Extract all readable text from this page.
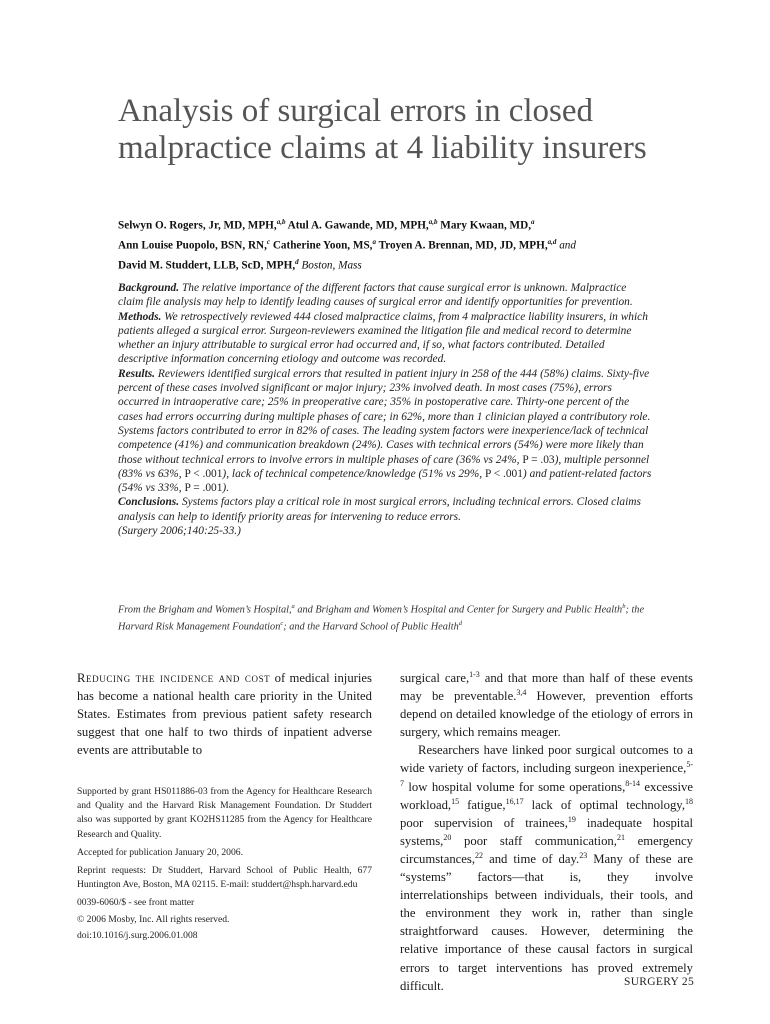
Analysis of surgical errors in closed malpractice claims at 4 liability insurers
Selwyn O. Rogers, Jr, MD, MPH,$^{a,b}$ Atul A. Gawande, MD, MPH,$^{a,b}$ Mary Kwaan, MD,$^a$
Ann Louise Puopolo, BSN, RN,$^c$ Catherine Yoon, MS,$^a$ Troyen A. Brennan, MD, JD, MPH,$^{a,d}$ and
David M. Studdert, LLB, ScD, MPH,$^d$ Boston, Mass

Background. The relative importance of the different factors that cause surgical error is unknown. Malpractice claim file analysis may help to identify leading causes of surgical error and identify opportunities for prevention.

Methods. We retrospectively reviewed 444 closed malpractice claims, from 4 malpractice liability insurers, in which patients alleged a surgical error. Surgeon-reviewers examined the litigation file and medical record to determine whether an injury attributable to surgical error had occurred and, if so, what factors contributed. Detailed descriptive information concerning etiology and outcome was recorded.

Results. Reviewers identified surgical errors that resulted in patient injury in 258 of the 444 (58%) claims. Sixty-five percent of these cases involved significant or major injury; 23% involved death. In most cases (75%), errors occurred in intraoperative care; 25% in preoperative care; 35% in postoperative care. Thirty-one percent of the cases had errors occurring during multiple phases of care; in 62%, more than 1 clinician played a contributory role. Systems factors contributed to error in 82% of cases. The leading system factors were inexperience/lack of technical competence (41%) and communication breakdown (24%). Cases with technical errors (54%) were more likely than those without technical errors to involve errors in multiple phases of care (36% vs 24%, P = .03), multiple personnel (83% vs 63%, P < .001), lack of technical competence/knowledge (51% vs 29%, P < .001) and patient-related factors (54% vs 33%, P = .001).

Conclusions. Systems factors play a critical role in most surgical errors, including technical errors. Closed claims analysis can help to identify priority areas for intervening to reduce errors.
(Surgery 2006;140:25-33.)

From the Brigham and Women’s Hospital,$^a$ and Brigham and Women’s Hospital and Center for Surgery and Public Health$^b$; the Harvard Risk Management Foundation$^c$; and the Harvard School of Public Health$^d$

Reducing the incidence and cost of medical injuries has become a national health care priority in the United States. Estimates from previous patient safety research suggest that one half to two thirds of inpatient adverse events are attributable to

Supported by grant HS011886-03 from the Agency for Healthcare Research and Quality and the Harvard Risk Management Foundation. Dr Studdert also was supported by grant KO2HS11285 from the Agency for Healthcare Research and Quality.

Accepted for publication January 20, 2006.

Reprint requests: Dr Studdert, Harvard School of Public Health, 677 Huntington Ave, Boston, MA 02115. E-mail: studdert@hsph.harvard.edu

0039-6060/$ - see front matter

© 2006 Mosby, Inc. All rights reserved.

doi:10.1016/j.surg.2006.01.008

surgical care,$^{1-3}$ and that more than half of these events may be preventable.$^{3,4}$ However, prevention efforts depend on detailed knowledge of the etiology of errors in surgery, which remains meager.

Researchers have linked poor surgical outcomes to a wide variety of factors, including surgeon inexperience,$^{5-7}$ low hospital volume for some operations,$^{8-14}$ excessive workload,$^{15}$ fatigue,$^{16,17}$ lack of optimal technology,$^{18}$ poor supervision of trainees,$^{19}$ inadequate hospital systems,$^{20}$ poor staff communication,$^{21}$ emergency circumstances,$^{22}$ and time of day.$^{23}$ Many of these are “systems” factors—that is, they involve interrelationships between individuals, their tools, and the environment they work in, rather than single straightforward causes. However, determining the relative importance of these causal factors in surgical errors to target interventions has proved extremely difficult.	SURGERY 25
